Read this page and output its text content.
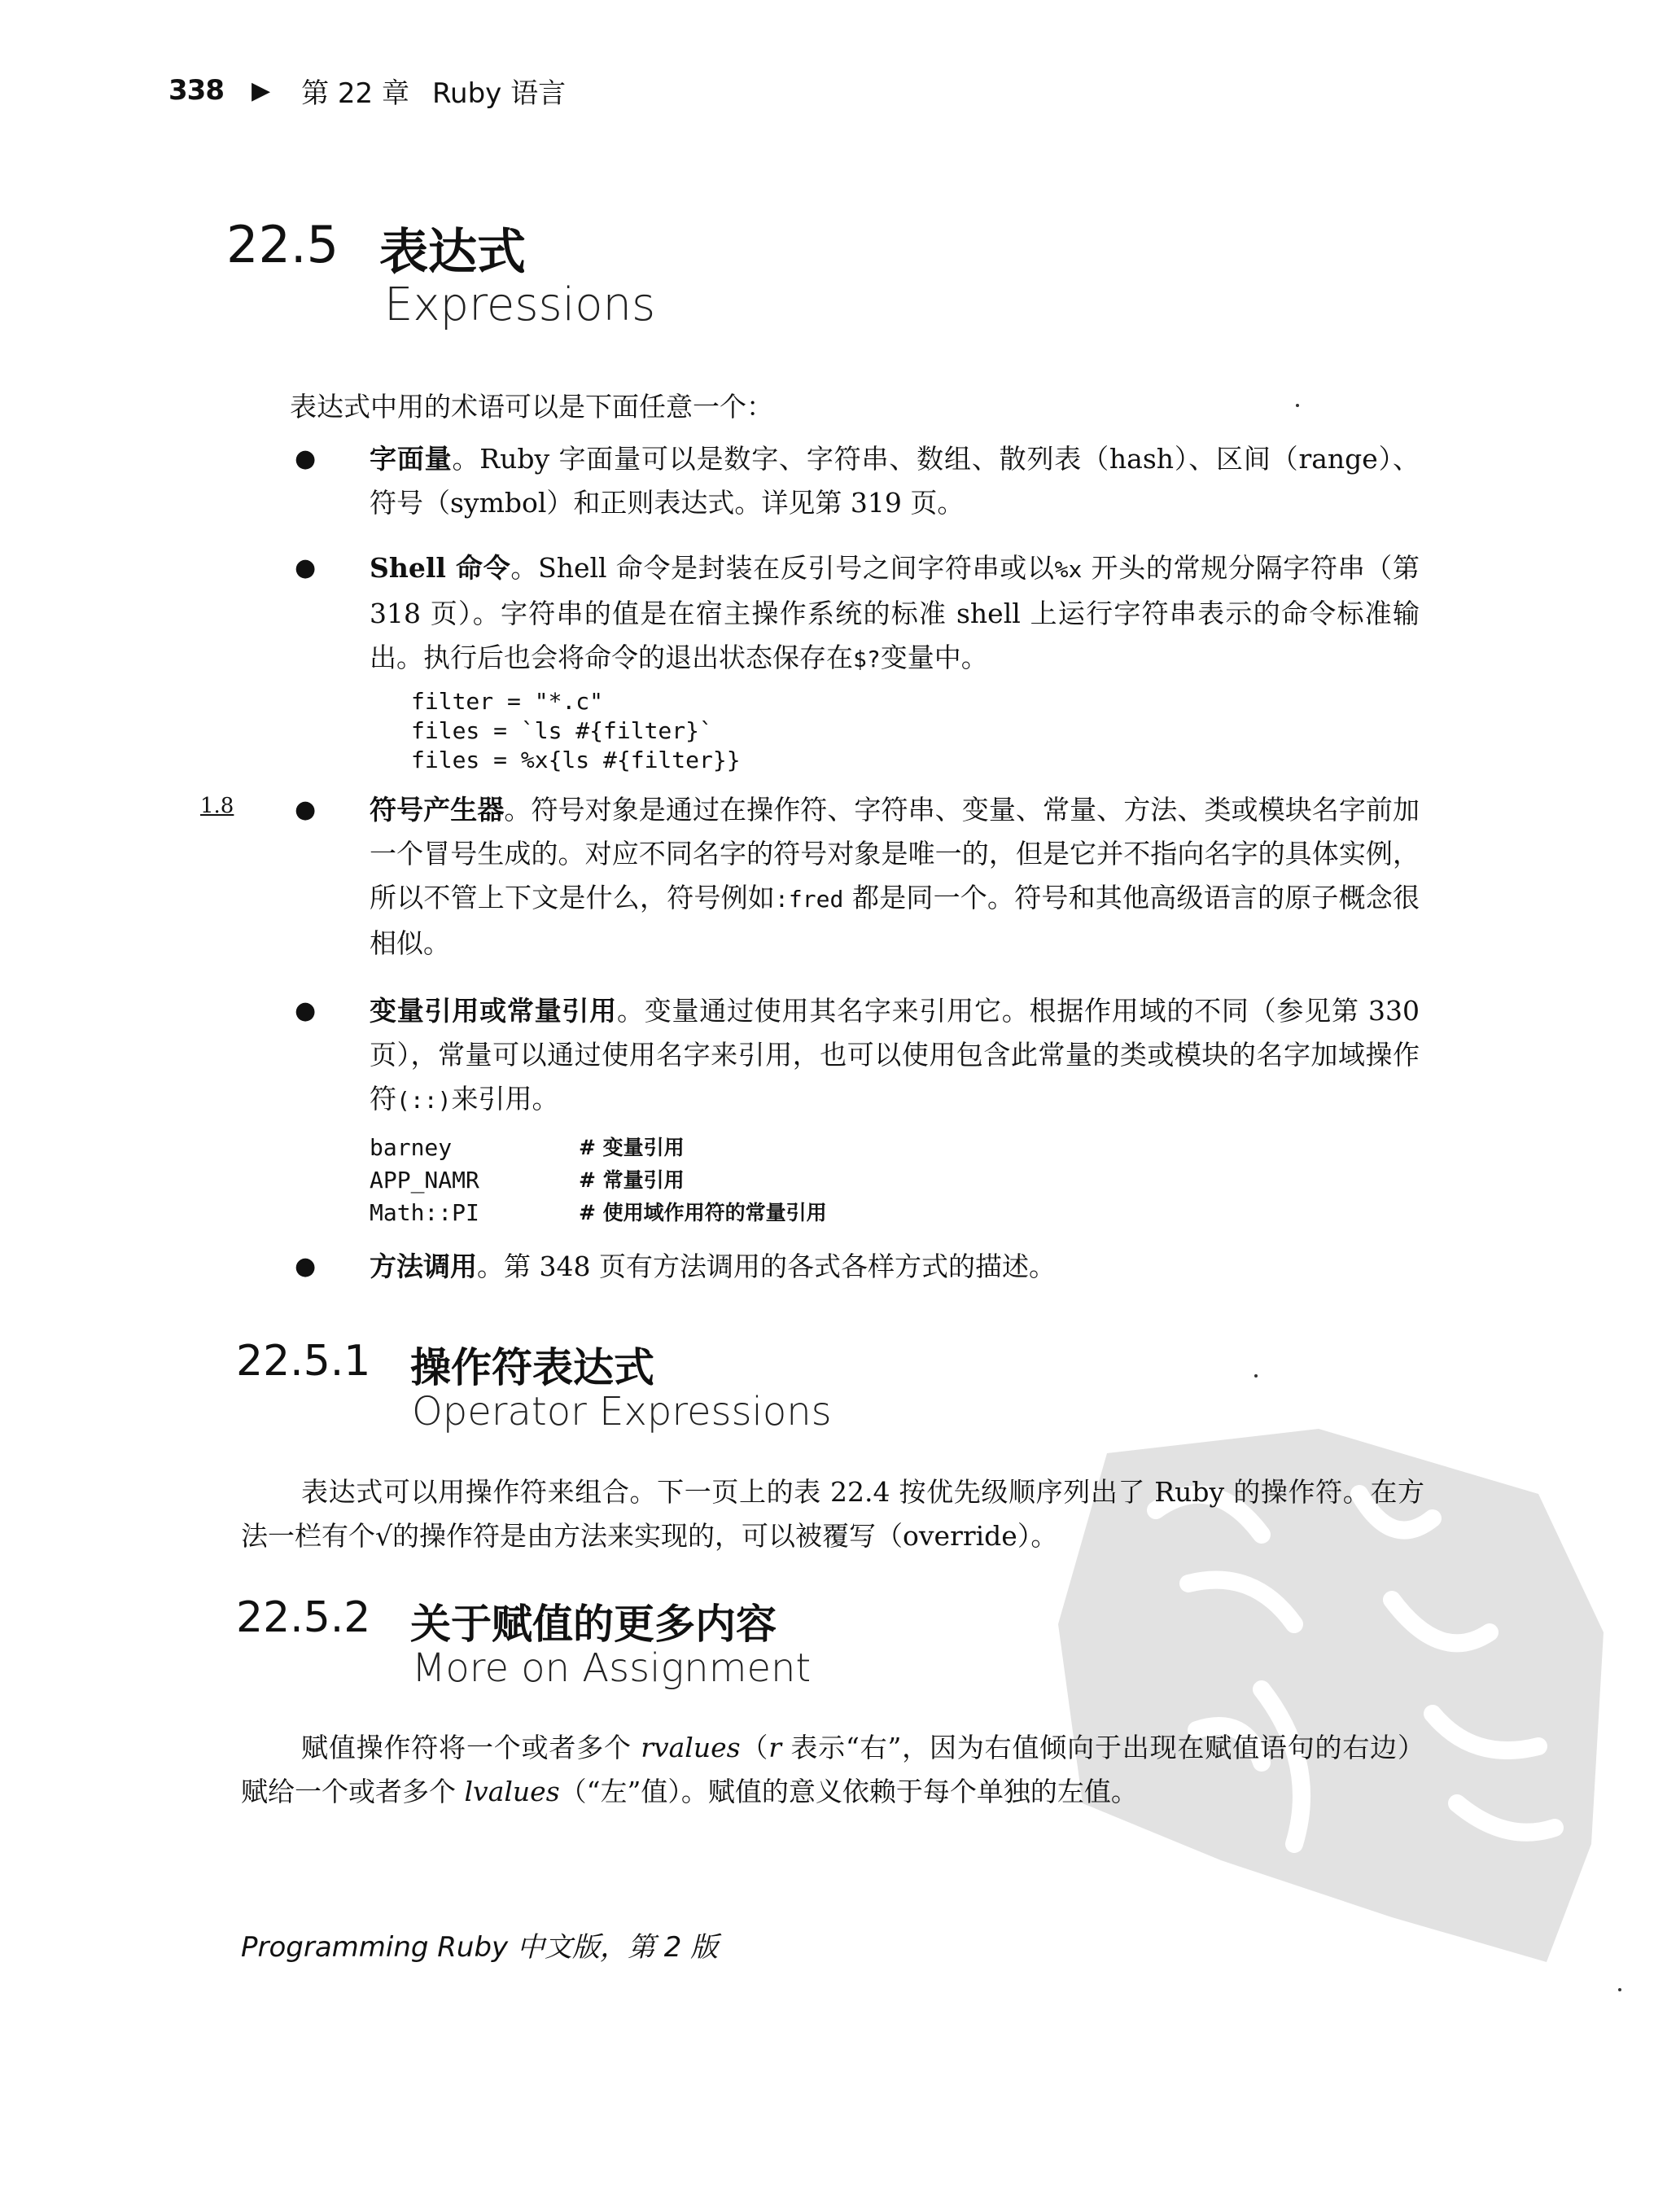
338 ▶ 第 22 章 Ruby 语言
22.5 表达式
Expressions
表达式中用的术语可以是下面任意一个：
● 字面量。Ruby 字面量可以是数字、字符串、数组、散列表（hash）、区间（range）、符号（symbol）和正则表达式。详见第 319 页。
● Shell 命令。Shell 命令是封装在反引号之间字符串或以%x 开头的常规分隔字符串（第 318 页）。字符串的值是在宿主操作系统的标准 shell 上运行字符串表示的命令标准输出。执行后也会将命令的退出状态保存在$?变量中。
filter = "*.c"
files = `ls #{filter}`
files = %x{ls #{filter}}
1.8 ● 符号产生器。符号对象是通过在操作符、字符串、变量、常量、方法、类或模块名字前加一个冒号生成的。对应不同名字的符号对象是唯一的，但是它并不指向名字的具体实例，所以不管上下文是什么，符号例如:fred 都是同一个。符号和其他高级语言的原子概念很相似。
● 变量引用或常量引用。变量通过使用其名字来引用它。根据作用域的不同（参见第 330 页），常量可以通过使用名字来引用，也可以使用包含此常量的类或模块的名字加域操作符(::)来引用。
barney	# 变量引用
APP_NAMR	# 常量引用
Math::PI	# 使用域作用符的常量引用
● 方法调用。第 348 页有方法调用的各式各样方式的描述。
22.5.1 操作符表达式
Operator Expressions
表达式可以用操作符来组合。下一页上的表 22.4 按优先级顺序列出了 Ruby 的操作符。在方法一栏有个√的操作符是由方法来实现的，可以被覆写（override）。
22.5.2 关于赋值的更多内容
More on Assignment
赋值操作符将一个或者多个 rvalues（r 表示“右”，因为右值倾向于出现在赋值语句的右边）赋给一个或者多个 lvalues（“左”值）。赋值的意义依赖于每个单独的左值。
Programming Ruby 中文版，第 2 版
